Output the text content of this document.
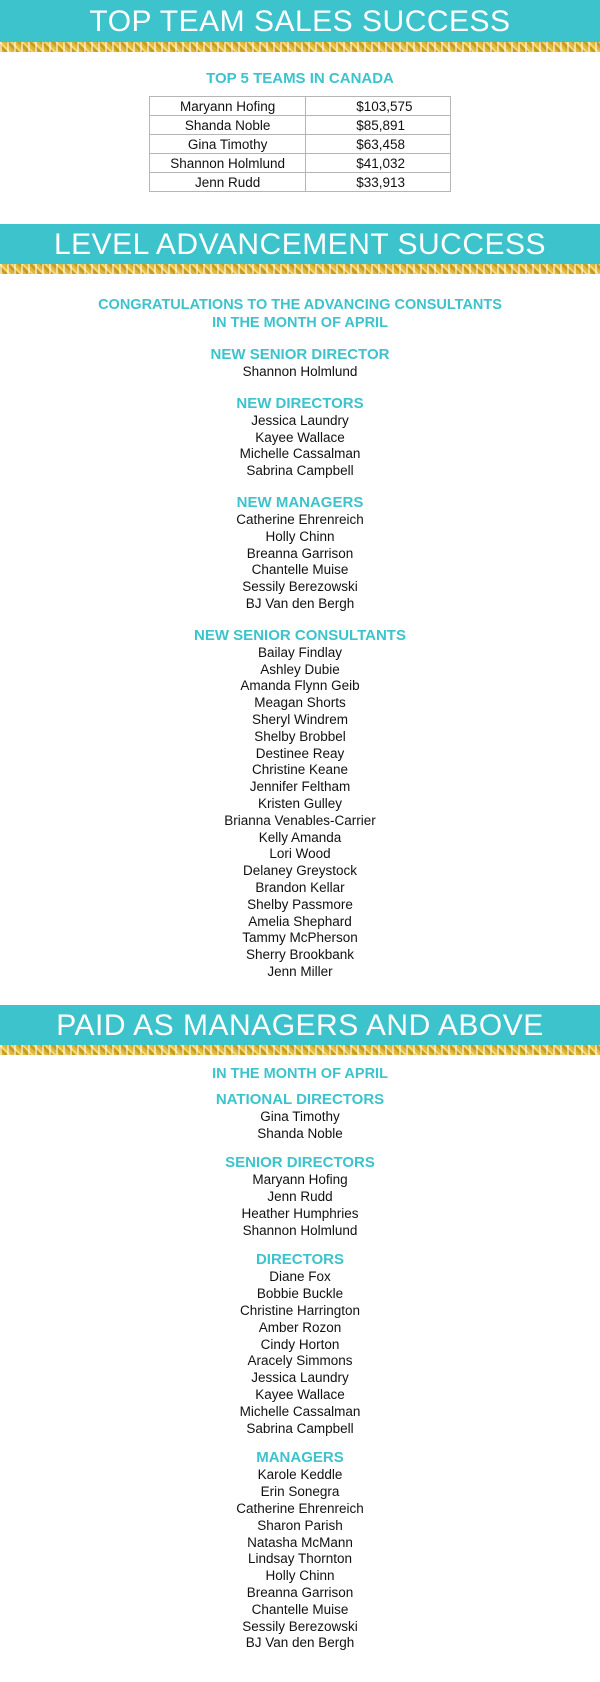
TOP TEAM SALES SUCCESS
TOP 5 TEAMS IN CANADA
Maryann Hofing	$103,575
Shanda Noble	$85,891
Gina Timothy	$63,458
Shannon Holmlund	$41,032
Jenn Rudd	$33,913
LEVEL ADVANCEMENT SUCCESS
CONGRATULATIONS TO THE ADVANCING CONSULTANTS
IN THE MONTH OF APRIL
NEW SENIOR DIRECTOR
Shannon Holmlund
NEW DIRECTORS
Jessica Laundry
Kayee Wallace
Michelle Cassalman
Sabrina Campbell
NEW MANAGERS
Catherine Ehrenreich
Holly Chinn
Breanna Garrison
Chantelle Muise
Sessily Berezowski
BJ Van den Bergh
NEW SENIOR CONSULTANTS
Bailay Findlay
Ashley Dubie
Amanda Flynn Geib
Meagan Shorts
Sheryl Windrem
Shelby Brobbel
Destinee Reay
Christine Keane
Jennifer Feltham
Kristen Gulley
Brianna Venables-Carrier
Kelly Amanda
Lori Wood
Delaney Greystock
Brandon Kellar
Shelby Passmore
Amelia Shephard
Tammy McPherson
Sherry Brookbank
Jenn Miller
PAID AS MANAGERS AND ABOVE
IN THE MONTH OF APRIL
NATIONAL DIRECTORS
Gina Timothy
Shanda Noble
SENIOR DIRECTORS
Maryann Hofing
Jenn Rudd
Heather Humphries
Shannon Holmlund
DIRECTORS
Diane Fox
Bobbie Buckle
Christine Harrington
Amber Rozon
Cindy Horton
Aracely Simmons
Jessica Laundry
Kayee Wallace
Michelle Cassalman
Sabrina Campbell
MANAGERS
Karole Keddle
Erin Sonegra
Catherine Ehrenreich
Sharon Parish
Natasha McMann
Lindsay Thornton
Holly Chinn
Breanna Garrison
Chantelle Muise
Sessily Berezowski
BJ Van den Bergh
